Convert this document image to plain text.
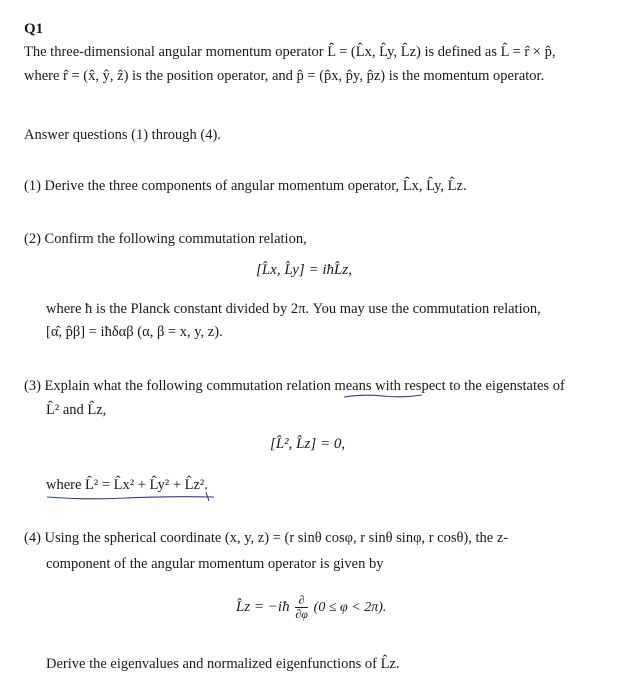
Q1
The three-dimensional angular momentum operator L̂ = (L̂x, L̂y, L̂z) is defined as L̂ = r̂ × p̂,
where r̂ = (x̂, ŷ, ẑ) is the position operator, and p̂ = (p̂x, p̂y, p̂z) is the momentum operator.
Answer questions (1) through (4).
(1) Derive the three components of angular momentum operator, L̂x, L̂y, L̂z.
(2) Confirm the following commutation relation,
[L̂x, L̂y] = iħL̂z,
where ħ is the Planck constant divided by 2π. You may use the commutation relation,
[α̂, p̂β] = iħδαβ (α, β = x, y, z).
(3) Explain what the following commutation relation means with respect to the eigenstates of
L̂² and L̂z,
[L̂², L̂z] = 0,
where L̂² = L̂x² + L̂y² + L̂z².
(4) Using the spherical coordinate (x, y, z) = (r sinθ cosφ, r sinθ sinφ, r cosθ), the z-
component of the angular momentum operator is given by
L̂z = −iħ $\frac{\partial}{\partial\varphi} (0 \le \varphi < 2\pi)$.
Derive the eigenvalues and normalized eigenfunctions of L̂z.
